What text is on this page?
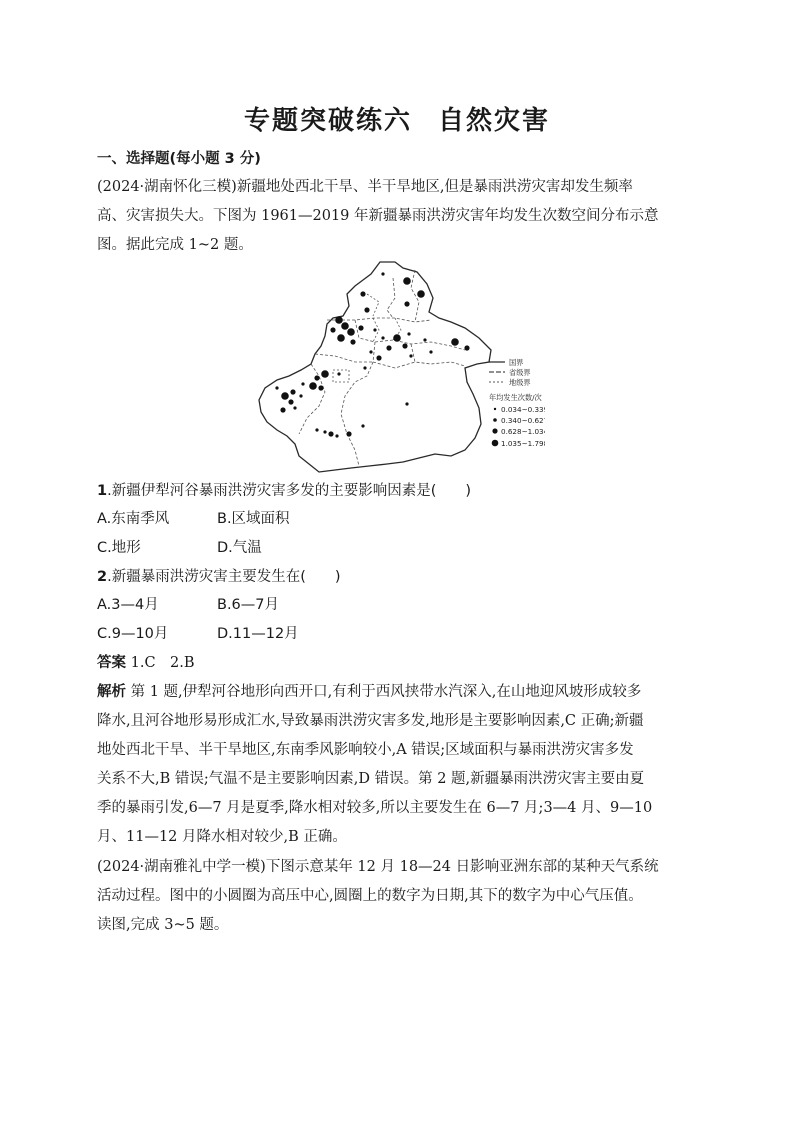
专题突破练六 自然灾害
一、选择题(每小题 3 分)
(2024·湖南怀化三模)新疆地处西北干旱、半干旱地区,但是暴雨洪涝灾害却发生频率
高、灾害损失大。下图为 1961—2019 年新疆暴雨洪涝灾害年均发生次数空间分布示意
图。据此完成 1~2 题。
国界
省级界
地级界
年均发生次数/次
0.034~0.339
0.340~0.627
0.628~1.034
1.035~1.798
1.新疆伊犁河谷暴雨洪涝灾害多发的主要影响因素是(　　)
A.东南季风	B.区域面积
C.地形	D.气温
2.新疆暴雨洪涝灾害主要发生在(　　)
A.3—4月	B.6—7月
C.9—10月	D.11—12月
答案 1.C　2.B
解析 第 1 题,伊犁河谷地形向西开口,有利于西风挟带水汽深入,在山地迎风坡形成较多
降水,且河谷地形易形成汇水,导致暴雨洪涝灾害多发,地形是主要影响因素,C 正确;新疆
地处西北干旱、半干旱地区,东南季风影响较小,A 错误;区域面积与暴雨洪涝灾害多发
关系不大,B 错误;气温不是主要影响因素,D 错误。第 2 题,新疆暴雨洪涝灾害主要由夏
季的暴雨引发,6—7 月是夏季,降水相对较多,所以主要发生在 6—7 月;3—4 月、9—10
月、11—12 月降水相对较少,B 正确。
(2024·湖南雅礼中学一模)下图示意某年 12 月 18—24 日影响亚洲东部的某种天气系统
活动过程。图中的小圆圈为高压中心,圆圈上的数字为日期,其下的数字为中心气压值。
读图,完成 3~5 题。
